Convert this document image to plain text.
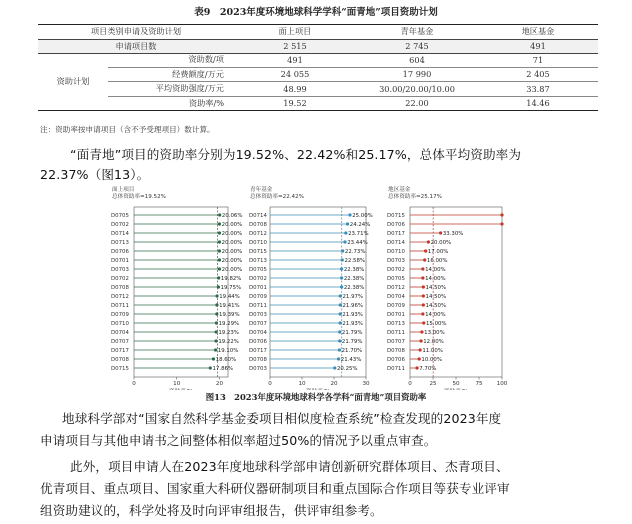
表9　2023年度环境地球科学学科“面青地”项目资助计划
项目类别申请及资助计划	面上项目	青年基金	地区基金
申请项目数	2 515	2 745	491
资助计划	资助数/项	491	604	71
	经费额度/万元	24 055	17 990	2 405
	平均资助强度/万元	48.99	30.00/20.00/10.00	33.87
	资助率/%	19.52	22.00	14.46
注：资助率按申请项目（含不予受理项目）数计算。
“面青地”项目的资助率分别为19.52%、22.42%和25.17%，总体平均资助率为
22.37%（图13）。
面上项目
总体资助率=19.52%
D0705	20.06%
D0702	20.00%
D0714	20.00%
D0713	20.00%
D0706	20.00%
D0701	20.00%
D0703	20.00%
D0702	19.82%
D0708	19.75%
D0712	19.44%
D0711	19.41%
D0709	19.39%
D0710	19.29%
D0704	19.23%
D0707	19.22%
D0717	19.10%
D0708	18.60%
D0715	17.86%
0	10	20
青年基金
总体资助率=22.42%
D0714	25.00%
D0708	24.24%
D0712	23.71%
D0710	23.44%
D0715	22.73%
D0713	22.58%
D0705	22.38%
D0702	22.38%
D0701	22.38%
D0709	21.97%
D0711	21.96%
D0703	21.93%
D0707	21.93%
D0704	21.79%
D0706	21.79%
D0717	21.70%
D0708	21.43%
D0703	20.25%
0	10	20	30
地区基金
总体资助率=25.17%
D0715
D0706
D0717	33.30%
D0714	20.00%
D0710	17.00%
D0703	16.00%
D0702	14.00%
D0705	14.00%
D0712	14.50%
D0704	14.50%
D0709	14.50%
D0701	14.00%
D0713	15.00%
D0711	13.00%
D0707	12.00%
D0708	11.00%
D0706	10.00%
D0711	7.70%
0	25	50	75	100
图13　2023年度环境地球科学各学科“面青地”项目资助率
地球科学部对“国家自然科学基金委项目相似度检查系统”检查发现的2023年度
申请项目与其他申请书之间整体相似率超过50%的情况予以重点审查。
此外，项目申请人在2023年度地球科学部申请创新研究群体项目、杰青项目、
优青项目、重点项目、国家重大科研仪器研制项目和重点国际合作项目等获专业评审
组资助建议的，科学处将及时向评审组报告，供评审组参考。
